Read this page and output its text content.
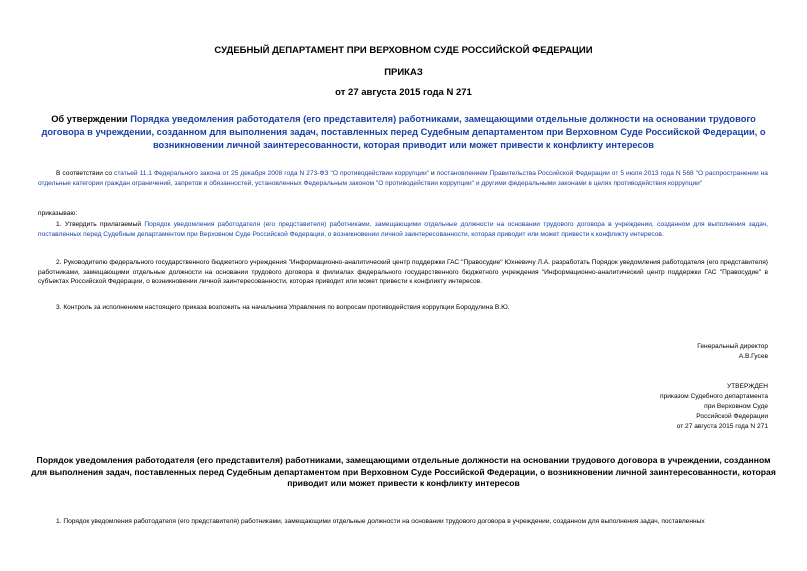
СУДЕБНЫЙ ДЕПАРТАМЕНТ ПРИ ВЕРХОВНОМ СУДЕ РОССИЙСКОЙ ФЕДЕРАЦИИ
ПРИКАЗ
от 27 августа 2015 года N 271
Об утверждении Порядка уведомления работодателя (его представителя) работниками, замещающими отдельные должности на основании трудового договора в учреждении, созданном для выполнения задач, поставленных перед Судебным департаментом при Верховном Суде Российской Федерации, о возникновении личной заинтересованности, которая приводит или может привести к конфликту интересов
В соответствии со статьей 11.1 Федерального закона от 25 декабря 2008 года N 273-ФЗ "О противодействии коррупции" и постановлением Правительства Российской Федерации от 5 июля 2013 года N 568 "О распространении на отдельные категории граждан ограничений, запретов и обязанностей, установленных Федеральным законом "О противодействии коррупции" и другими федеральными законами в целях противодействия коррупции"
приказываю:
1. Утвердить прилагаемый Порядок уведомления работодателя (его представителя) работниками, замещающими отдельные должности на основании трудового договора в учреждении, созданном для выполнения задач, поставленных перед Судебным департаментом при Верховном Суде Российской Федерации, о возникновении личной заинтересованности, которая приводит или может привести к конфликту интересов.
2. Руководителю федерального государственного бюджетного учреждения "Информационно-аналитический центр поддержки ГАС "Правосудие" Юхневичу Л.А. разработать Порядок уведомления работодателя (его представителя) работниками, замещающими отдельные должности на основании трудового договора в филиалах федерального государственного бюджетного учреждения "Информационно-аналитический центр поддержки ГАС "Правосудие" в субъектах Российской Федерации, о возникновении личной заинтересованности, которая приводит или может привести к конфликту интересов.
3. Контроль за исполнением настоящего приказа возложить на начальника Управления по вопросам противодействия коррупции Бородулина В.Ю.
Генеральный директор
А.В.Гусев
УТВЕРЖДЕН
приказом Судебного департамента
при Верховном Суде
Российской Федерации
от 27 августа 2015 года N 271
Порядок уведомления работодателя (его представителя) работниками, замещающими отдельные должности на основании трудового договора в учреждении, созданном для выполнения задач, поставленных перед Судебным департаментом при Верховном Суде Российской Федерации, о возникновении личной заинтересованности, которая приводит или может привести к конфликту интересов
1. Порядок уведомления работодателя (его представителя) работниками, замещающими отдельные должности на основании трудового договора в учреждении, созданном для выполнения задач, поставленных
